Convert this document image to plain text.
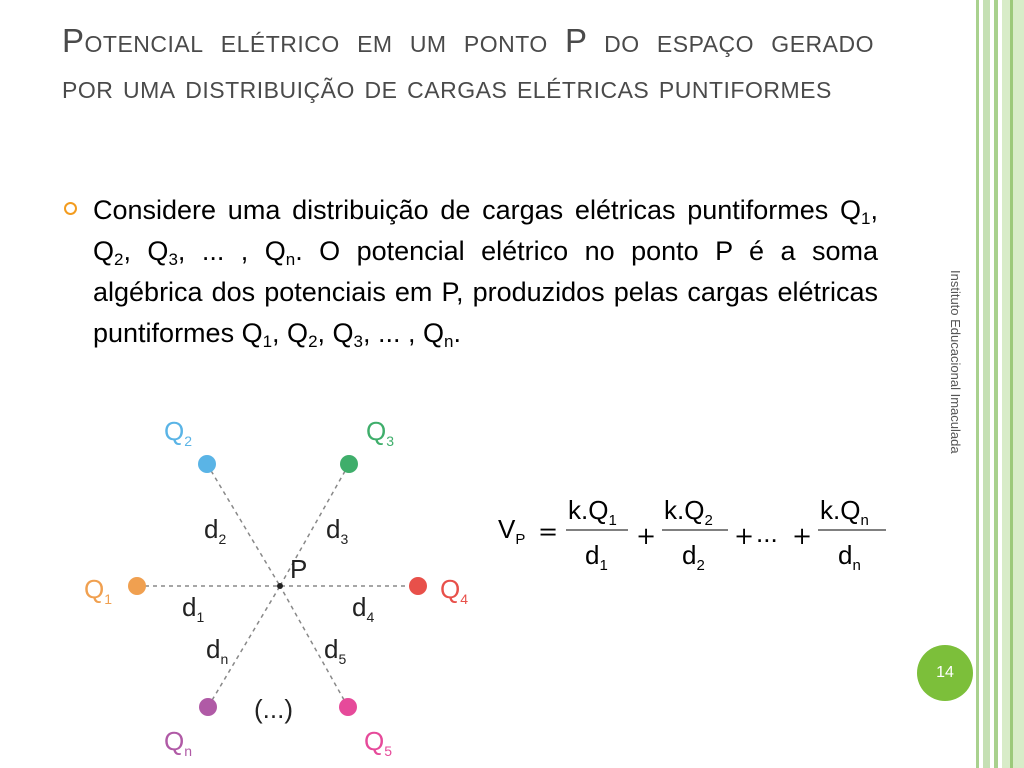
Potencial elétrico em um ponto P do espaço gerado por uma distribuição de cargas elétricas puntiformes
Considere uma distribuição de cargas elétricas puntiformes $Q_1$, $Q_2$, $Q_3$, ... , $Q_n$. O potencial elétrico no ponto P é a soma algébrica dos potenciais em P, produzidos pelas cargas elétricas puntiformes $Q_1$, $Q_2$, $Q_3$, ... , $Q_n$.
$Q_1$
$Q_2$	$Q_3$
$Q_4$
$Q_5$
$Q_n$
P
$d_2$	$d_3$
$d_1$	$d_4$
$d_n$	$d_5$
(...)
$V_P$ =
$k.Q_1$
$d_1$
+
$k.Q_2$
$d_2$
+ ... +
$k.Q_n$
$d_n$
Instituto Educacional Imaculada
14
